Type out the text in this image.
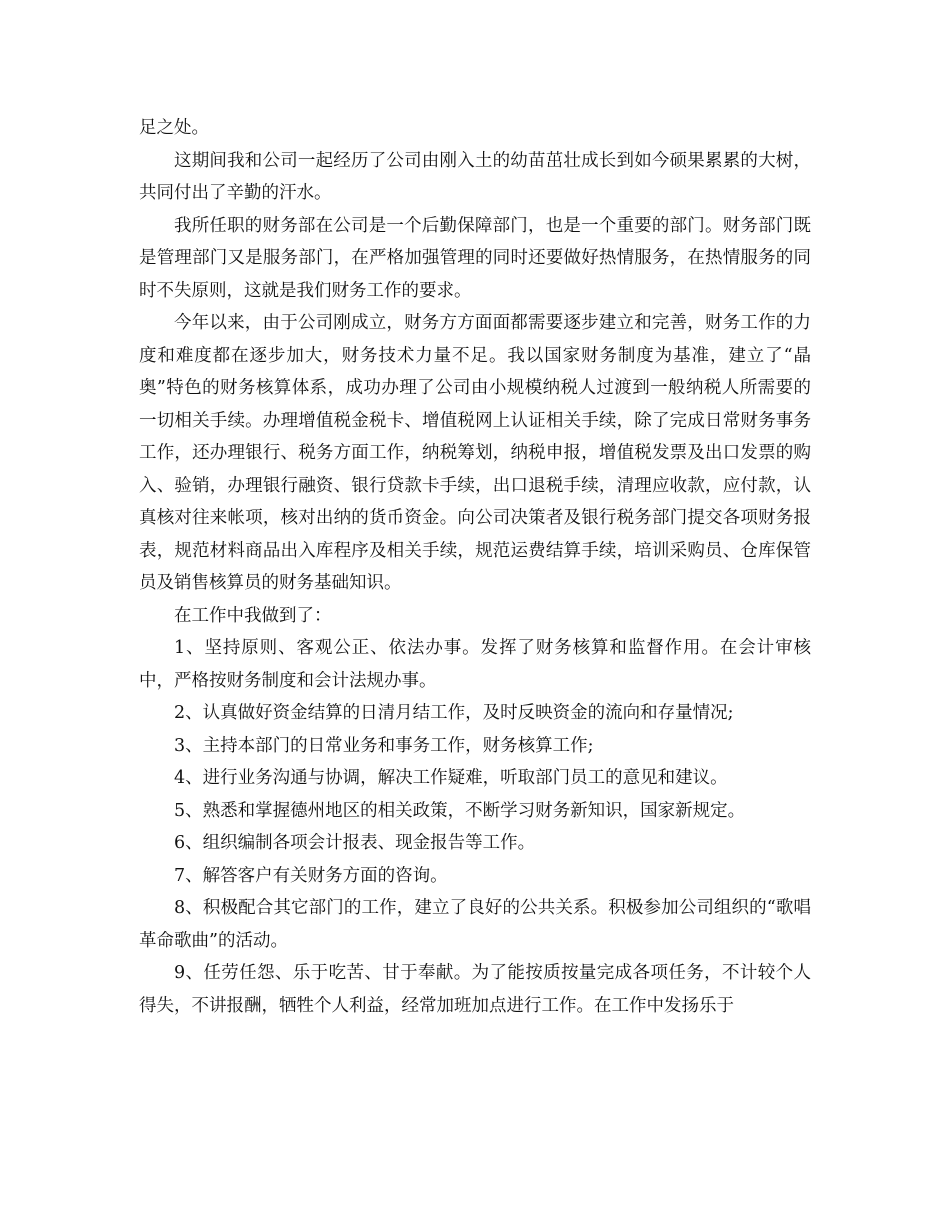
足之处。

这期间我和公司一起经历了公司由刚入土的幼苗茁壮成长到如今硕果累累的大树，共同付出了辛勤的汗水。

我所任职的财务部在公司是一个后勤保障部门，也是一个重要的部门。财务部门既是管理部门又是服务部门，在严格加强管理的同时还要做好热情服务，在热情服务的同时不失原则，这就是我们财务工作的要求。

今年以来，由于公司刚成立，财务方方面面都需要逐步建立和完善，财务工作的力度和难度都在逐步加大，财务技术力量不足。我以国家财务制度为基准，建立了“晶奥”特色的财务核算体系，成功办理了公司由小规模纳税人过渡到一般纳税人所需要的一切相关手续。办理增值税金税卡、增值税网上认证相关手续，除了完成日常财务事务工作，还办理银行、税务方面工作，纳税筹划，纳税申报，增值税发票及出口发票的购入、验销，办理银行融资、银行贷款卡手续，出口退税手续，清理应收款，应付款，认真核对往来帐项，核对出纳的货币资金。向公司决策者及银行税务部门提交各项财务报表，规范材料商品出入库程序及相关手续，规范运费结算手续，培训采购员、仓库保管员及销售核算员的财务基础知识。

在工作中我做到了：

1、坚持原则、客观公正、依法办事。发挥了财务核算和监督作用。在会计审核中，严格按财务制度和会计法规办事。

2、认真做好资金结算的日清月结工作，及时反映资金的流向和存量情况;

3、主持本部门的日常业务和事务工作，财务核算工作;

4、进行业务沟通与协调，解决工作疑难，听取部门员工的意见和建议。

5、熟悉和掌握德州地区的相关政策，不断学习财务新知识，国家新规定。

6、组织编制各项会计报表、现金报告等工作。

7、解答客户有关财务方面的咨询。

8、积极配合其它部门的工作，建立了良好的公共关系。积极参加公司组织的“歌唱革命歌曲”的活动。

9、任劳任怨、乐于吃苦、甘于奉献。为了能按质按量完成各项任务，不计较个人得失，不讲报酬，牺牲个人利益，经常加班加点进行工作。在工作中发扬乐于
